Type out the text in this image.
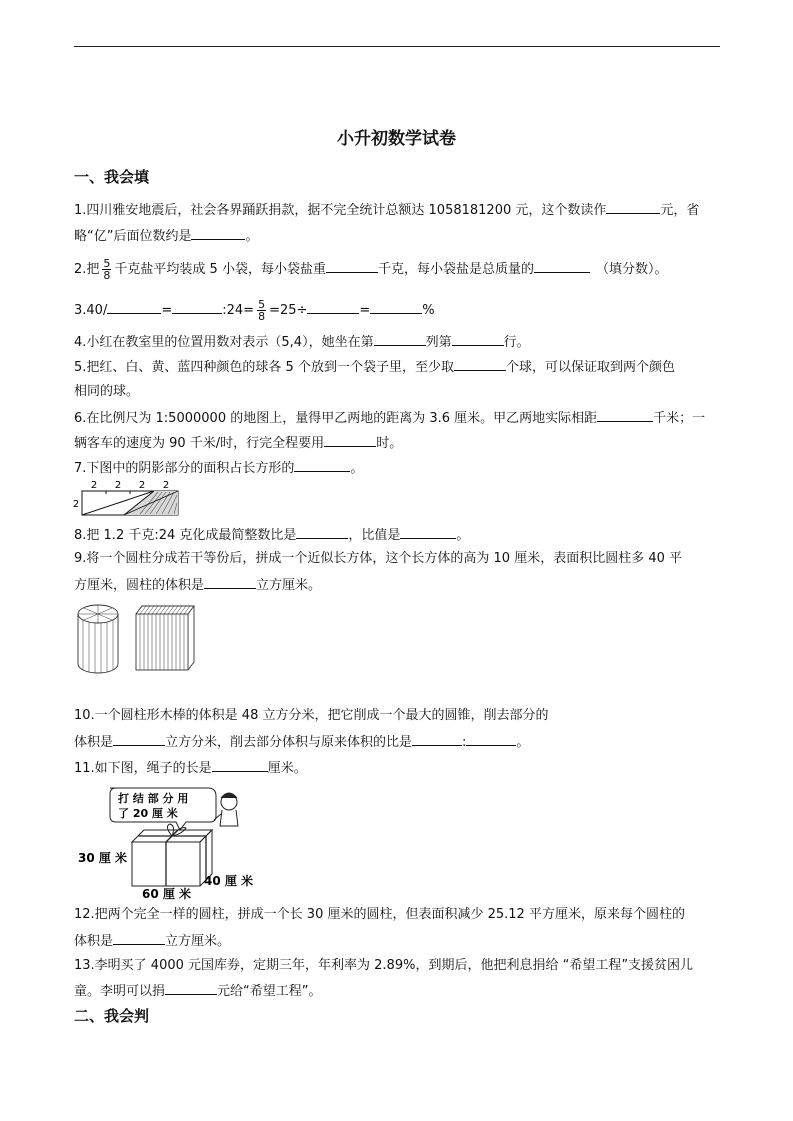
小升初数学试卷
一、我会填
1.四川雅安地震后，社会各界踊跃捐款，据不完全统计总额达 1058181200 元，这个数读作	元，省
略“亿”后面位数约是	。
2.把 $\frac{5}{8}$ 千克盐平均装成 5 小袋，每小袋盐重	千克，每小袋盐是总质量的	（填分数）。
3.40/	=	:24= $\frac{5}{8} =25\div$	=	%
4.小红在教室里的位置用数对表示（5,4），她坐在第	列第	行。
5.把红、白、黄、蓝四种颜色的球各 5 个放到一个袋子里，至少取	个球，可以保证取到两个颜色
相同的球。
6.在比例尺为 1:5000000 的地图上，量得甲乙两地的距离为 3.6 厘米。甲乙两地实际相距	千米；一
辆客车的速度为 90 千米/时，行完全程要用	时。
7.下图中的阴影部分的面积占长方形的	。
2 2 2 2
2
8.把 1.2 千克:24 克化成最简整数比是	，比值是	。
9.将一个圆柱分成若干等份后，拼成一个近似长方体，这个长方体的高为 10 厘米，表面积比圆柱多 40 平
方厘米，圆柱的体积是	立方厘米。
10.一个圆柱形木棒的体积是 48 立方分米，把它削成一个最大的圆锥，削去部分的
体积是	立方分米，削去部分体积与原来体积的比是	:	。
11.如下图，绳子的长是	厘米。
打 结 部 分 用
了 20 厘 米
30 厘 米
60 厘 米
40 厘 米
12.把两个完全一样的圆柱，拼成一个长 30 厘米的圆柱，但表面积减少 25.12 平方厘米，原来每个圆柱的
体积是	立方厘米。
13.李明买了 4000 元国库券，定期三年，年利率为 2.89%，到期后，他把利息捐给 “希望工程”支援贫困儿
童。李明可以捐	元给“希望工程”。
二、我会判
